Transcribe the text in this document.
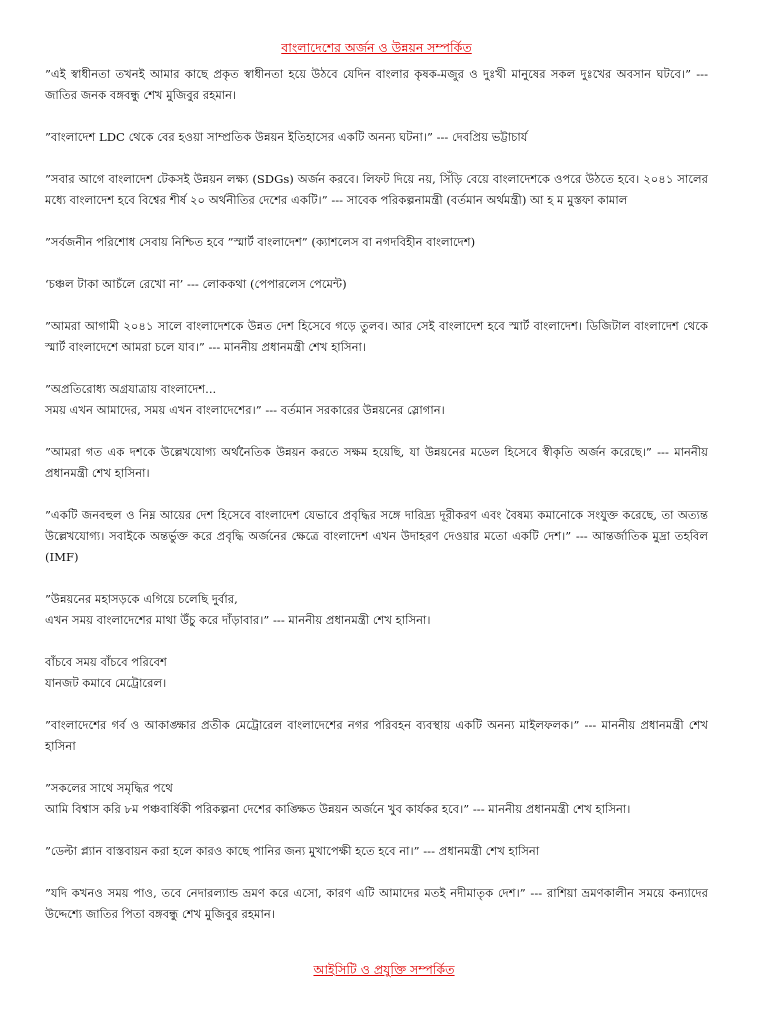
বাংলাদেশের অর্জন ও উন্নয়ন সম্পর্কিত
”এই স্বাধীনতা তখনই আমার কাছে প্রকৃত স্বাধীনতা হয়ে উঠবে যেদিন বাংলার কৃষক-মজুর ও দুঃখী মানুষের সকল দুঃখের অবসান ঘটবে।” --- জাতির জনক বঙ্গবন্ধু শেখ মুজিবুর রহমান।
”বাংলাদেশ LDC থেকে বের হওয়া সাম্প্রতিক উন্নয়ন ইতিহাসের একটি অনন্য ঘটনা।” --- দেবপ্রিয় ভট্টাচার্য
”সবার আগে বাংলাদেশ টেকসই উন্নয়ন লক্ষ্য (SDGs) অর্জন করবে। লিফট দিয়ে নয়, সিঁড়ি বেয়ে বাংলাদেশকে ওপরে উঠতে হবে। ২০৪১ সালের মধ্যে বাংলাদেশ হবে বিশ্বের শীর্ষ ২০ অর্থনীতির দেশের একটি।” --- সাবেক পরিকল্পনামন্ত্রী (বর্তমান অর্থমন্ত্রী) আ হ ম মুস্তফা কামাল
”সর্বজনীন পরিশোধ সেবায় নিশ্চিত হবে ”স্মার্ট বাংলাদেশ” (ক্যাশলেস বা নগদবিহীন বাংলাদেশ)
‘চঞ্চল টাকা আচঁলে রেখো না’ --- লোককথা (পেপারলেস পেমেন্ট)
”আমরা আগামী ২০৪১ সালে বাংলাদেশকে উন্নত দেশ হিসেবে গড়ে তুলব। আর সেই বাংলাদেশ হবে স্মার্ট বাংলাদেশ। ডিজিটাল বাংলাদেশ থেকে স্মার্ট বাংলাদেশে আমরা চলে যাব।” --- মাননীয় প্রধানমন্ত্রী শেখ হাসিনা।
”অপ্রতিরোধ্য অগ্রযাত্রায় বাংলাদেশ...
সময় এখন আমাদের, সময় এখন বাংলাদেশের।” --- বর্তমান সরকারের উন্নয়নের স্লোগান।
”আমরা গত এক দশকে উল্লেখযোগ্য অর্থনৈতিক উন্নয়ন করতে সক্ষম হয়েছি, যা উন্নয়নের মডেল হিসেবে স্বীকৃতি অর্জন করেছে।” --- মাননীয় প্রধানমন্ত্রী শেখ হাসিনা।
”একটি জনবহুল ও নিম্ন আয়ের দেশ হিসেবে বাংলাদেশ যেভাবে প্রবৃদ্ধির সঙ্গে দারিদ্র্য দূরীকরণ এবং বৈষম্য কমানোকে সংযুক্ত করেছে, তা অত্যন্ত উল্লেখযোগ্য। সবাইকে অন্তর্ভুক্ত করে প্রবৃদ্ধি অর্জনের ক্ষেত্রে বাংলাদেশ এখন উদাহরণ দেওয়ার মতো একটি দেশ।” --- আন্তর্জাতিক মুদ্রা তহবিল (IMF)
”উন্নয়নের মহাসড়কে এগিয়ে চলেছি দুর্বার,
এখন সময় বাংলাদেশের মাথা উঁচু করে দাঁড়াবার।” --- মাননীয় প্রধানমন্ত্রী শেখ হাসিনা।
বাঁচবে সময় বাঁচবে পরিবেশ
যানজট কমাবে মেট্রোরেল।
”বাংলাদেশের গর্ব ও আকাঙ্ক্ষার প্রতীক মেট্রোরেল বাংলাদেশের নগর পরিবহন ব্যবস্থায় একটি অনন্য মাইলফলক।” --- মাননীয় প্রধানমন্ত্রী শেখ হাসিনা
”সকলের সাথে সমৃদ্ধির পথে
আমি বিশ্বাস করি ৮ম পঞ্চবার্ষিকী পরিকল্পনা দেশের কাঙ্ক্ষিত উন্নয়ন অর্জনে খুব কার্যকর হবে।” --- মাননীয় প্রধানমন্ত্রী শেখ হাসিনা।
”ডেল্টা প্ল্যান বাস্তবায়ন করা হলে কারও কাছে পানির জন্য মুখাপেক্ষী হতে হবে না।” --- প্রধানমন্ত্রী শেখ হাসিনা
”যদি কখনও সময় পাও, তবে নেদারল্যান্ড ভ্রমণ করে এসো, কারণ এটি আমাদের মতই নদীমাতৃক দেশ।” --- রাশিয়া ভ্রমণকালীন সময়ে কন্যাদের উদ্দেশ্যে জাতির পিতা বঙ্গবন্ধু শেখ মুজিবুর রহমান।
আইসিটি ও প্রযুক্তি সম্পর্কিত
